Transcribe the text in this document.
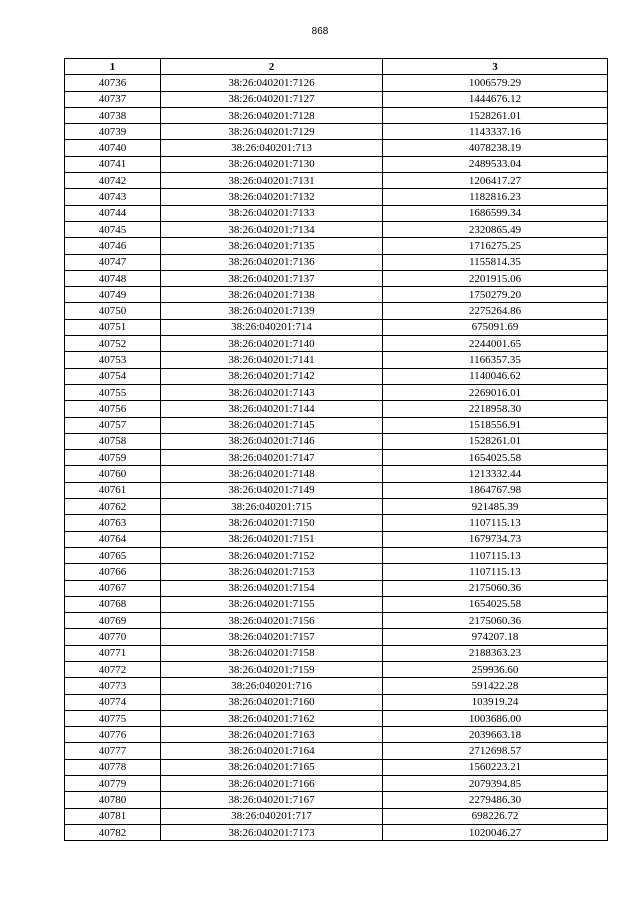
868
1	2	3
40736	38:26:040201:7126	1006579.29
40737	38:26:040201:7127	1444676.12
40738	38:26:040201:7128	1528261.01
40739	38:26:040201:7129	1143337.16
40740	38:26:040201:713	4078238.19
40741	38:26:040201:7130	2489533.04
40742	38:26:040201:7131	1206417.27
40743	38:26:040201:7132	1182816.23
40744	38:26:040201:7133	1686599.34
40745	38:26:040201:7134	2320865.49
40746	38:26:040201:7135	1716275.25
40747	38:26:040201:7136	1155814.35
40748	38:26:040201:7137	2201915.06
40749	38:26:040201:7138	1750279.20
40750	38:26:040201:7139	2275264.86
40751	38:26:040201:714	675091.69
40752	38:26:040201:7140	2244001.65
40753	38:26:040201:7141	1166357.35
40754	38:26:040201:7142	1140046.62
40755	38:26:040201:7143	2269016.01
40756	38:26:040201:7144	2218958.30
40757	38:26:040201:7145	1518556.91
40758	38:26:040201:7146	1528261.01
40759	38:26:040201:7147	1654025.58
40760	38:26:040201:7148	1213332.44
40761	38:26:040201:7149	1864767.98
40762	38:26:040201:715	921485.39
40763	38:26:040201:7150	1107115.13
40764	38:26:040201:7151	1679734.73
40765	38:26:040201:7152	1107115.13
40766	38:26:040201:7153	1107115.13
40767	38:26:040201:7154	2175060.36
40768	38:26:040201:7155	1654025.58
40769	38:26:040201:7156	2175060.36
40770	38:26:040201:7157	974207.18
40771	38:26:040201:7158	2188363.23
40772	38:26:040201:7159	259936.60
40773	38:26:040201:716	591422.28
40774	38:26:040201:7160	103919.24
40775	38:26:040201:7162	1003686.00
40776	38:26:040201:7163	2039663.18
40777	38:26:040201:7164	2712698.57
40778	38:26:040201:7165	1560223.21
40779	38:26:040201:7166	2079394.85
40780	38:26:040201:7167	2279486.30
40781	38:26:040201:717	698226.72
40782	38:26:040201:7173	1020046.27
